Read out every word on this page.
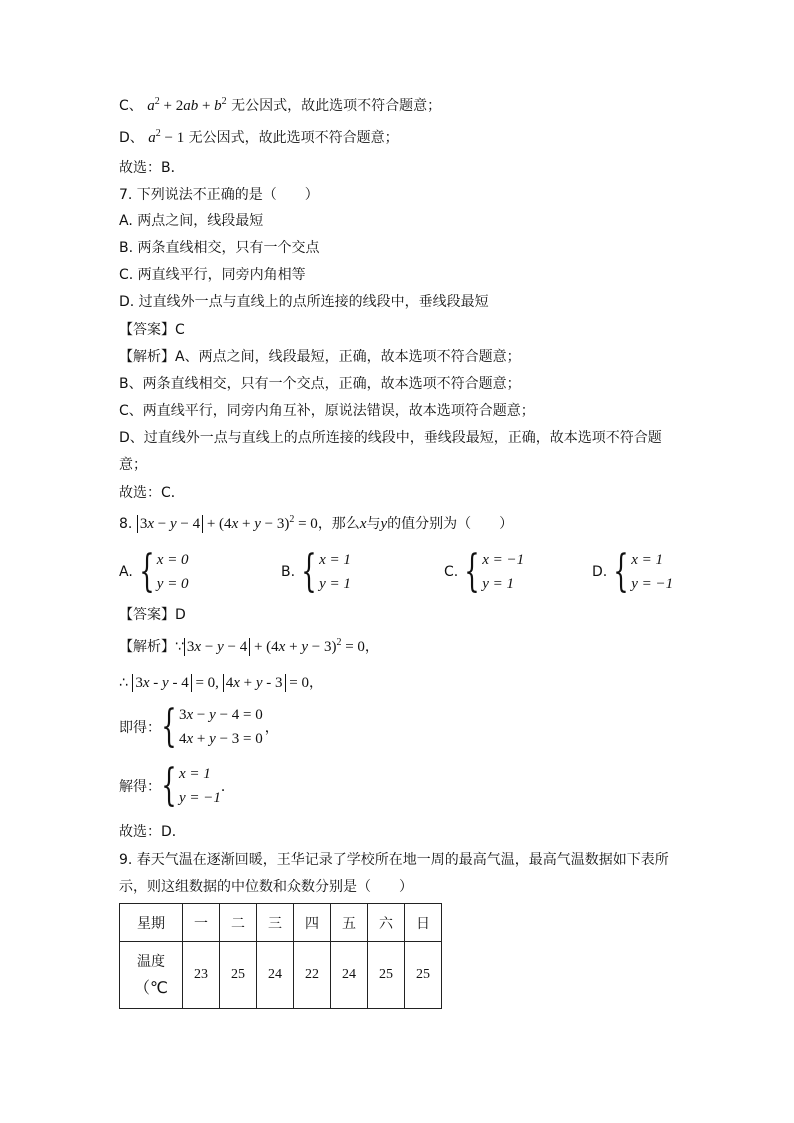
C、 $a^2 + 2ab + b^2$ 无公因式，故此选项不符合题意；
D、 $a^2 - 1$ 无公因式，故此选项不符合题意；
故选：B．
7. 下列说法不正确的是（　　）
A. 两点之间，线段最短
B. 两条直线相交，只有一个交点
C. 两直线平行，同旁内角相等
D. 过直线外一点与直线上的点所连接的线段中，垂线段最短
【答案】C
【解析】A、两点之间，线段最短，正确，故本选项不符合题意；
B、两条直线相交，只有一个交点，正确，故本选项不符合题意；
C、两直线平行，同旁内角互补，原说法错误，故本选项符合题意；
D、过直线外一点与直线上的点所连接的线段中，垂线段最短，正确，故本选项不符合题
意；
故选：C．
8. $3x - y - 4 + (4x + y - 3)^2 = 0$，那么x与y的值分别为（　　）
A. { x = 0
y = 0
B. { x = 1
y = 1
C. { x = −1
y = 1
D. { x = 1
y = −1
【答案】D
【解析】∵ $3x - y - 4 + (4x + y - 3)^2 = 0$，
∴ 3x - y - 4 = 0, 4x + y - 3 = 0，
即得： { 3x − y − 4 = 0
4x + y − 3 = 0
，
解得： { x = 1
y = −1
．
故选：D．
9. 春天气温在逐渐回暖，王华记录了学校所在地一周的最高气温，最高气温数据如下表所
示，则这组数据的中位数和众数分别是（　　）
星期	一	二	三	四	五	六	日

温度
（℃	23	25	24	22	24	25	25
